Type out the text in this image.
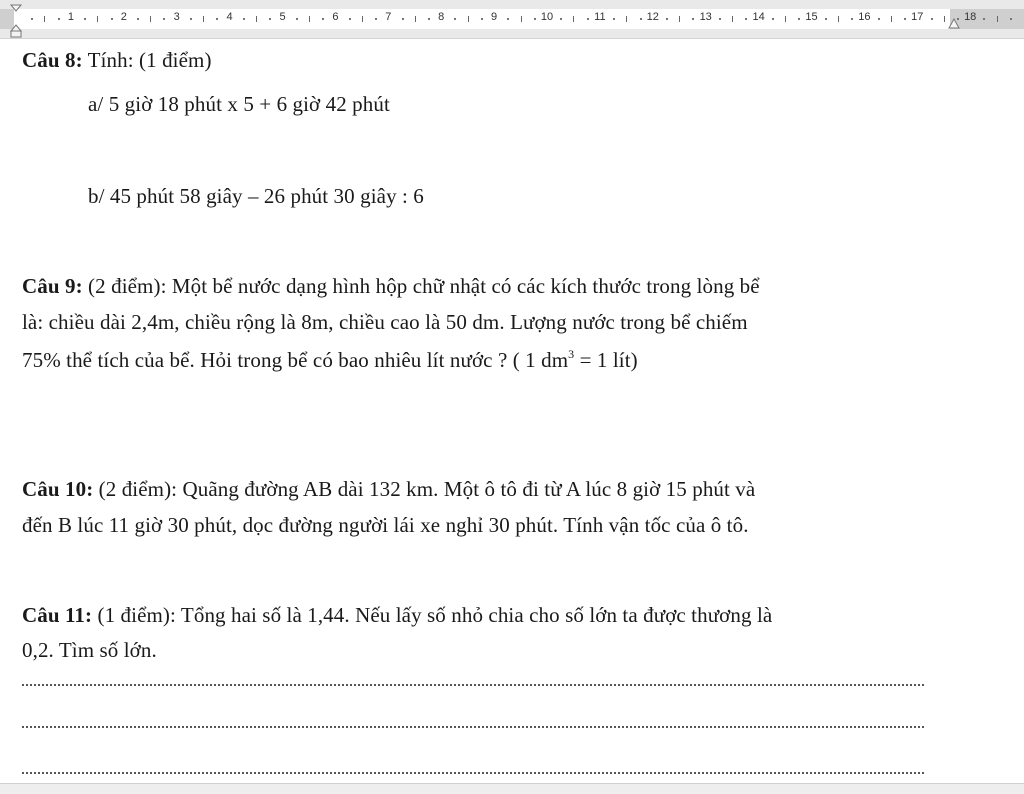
1	2	3	4	5	6	7	8	9	10	11	12	13	14	15	16	17	18
Câu 8: Tính: (1 điểm)
a/ 5 giờ 18 phút x 5 + 6 giờ 42 phút
b/ 45 phút 58 giây – 26 phút 30 giây : 6
Câu 9: (2 điểm): Một bể nước dạng hình hộp chữ nhật có các kích thước trong lòng bể
là: chiều dài 2,4m, chiều rộng là 8m, chiều cao là 50 dm. Lượng nước trong bể chiếm
75% thể tích của bể. Hỏi trong bể có bao nhiêu lít nước ? ( 1 $dm^3 = 1$ lít)
Câu 10: (2 điểm): Quãng đường AB dài 132 km. Một ô tô đi từ A lúc 8 giờ 15 phút và
đến B lúc 11 giờ 30 phút, dọc đường người lái xe nghỉ 30 phút. Tính vận tốc của ô tô.
Câu 11: (1 điểm): Tổng hai số là 1,44. Nếu lấy số nhỏ chia cho số lớn ta được thương là
0,2. Tìm số lớn.
